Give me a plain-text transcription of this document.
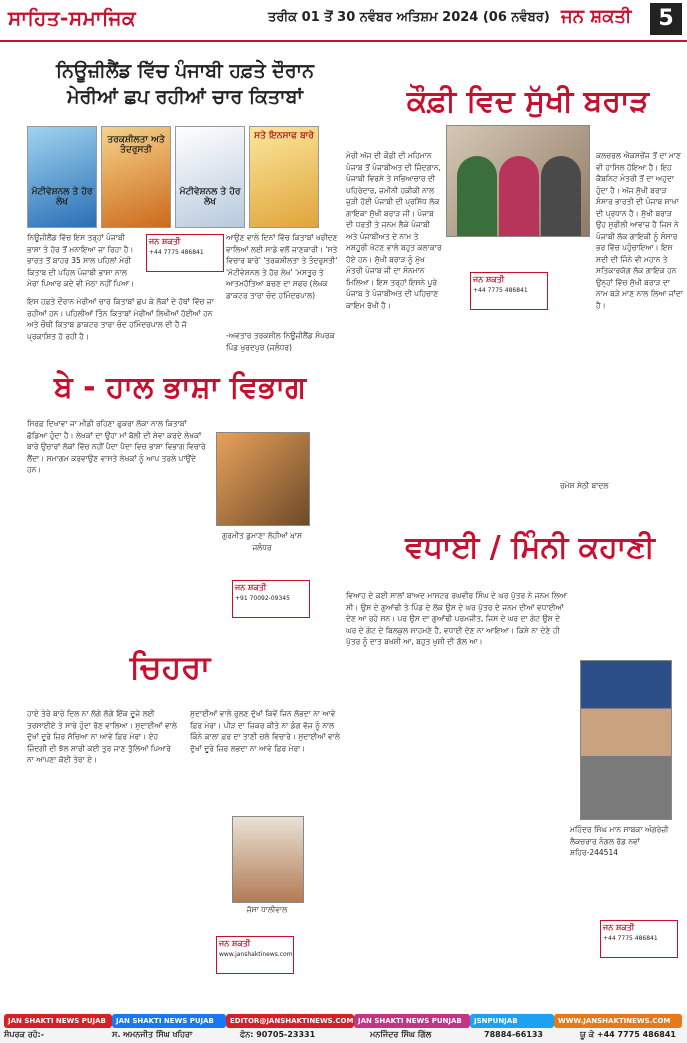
ਸਾਹਿਤ-ਸਮਾਜਿਕ	ਤਰੀਕ 01 ਤੋਂ 30 ਨਵੰਬਰ ਅਤਿਸ਼ਮ 2024 (06 ਨਵੰਬਰ) ਜਨ ਸ਼ਕਤੀ	5
ਨਿਊਜ਼ੀਲੈਂਡ ਵਿੱਚ ਪੰਜਾਬੀ ਹਫ਼ਤੇ ਦੌਰਾਨ ਮੇਰੀਆਂ ਛਪ ਰਹੀਆਂ ਚਾਰ ਕਿਤਾਬਾਂ
ਮੋਟੀਵੇਸ਼ਨਲ ਤੇ ਹੋਰ ਲੇਖ
ਤਰਕਸ਼ੀਲਤਾ ਅਤੇ ਤੰਦਰੁਸਤੀ
ਮੋਟੀਵੇਸ਼ਨਲ ਤੇ ਹੋਰ ਲੇਖ
ਸਤੇ ਇਨਸਾਫ ਬਾਰੇ
ਨਿਊਜ਼ੀਲੈਂਡ ਵਿੱਚ ਇਸ ਤਰ੍ਹਾਂ ਪੰਜਾਬੀ ਭਾਸ਼ਾ ਤੇ ਹੋਰ ਤੋਂ ਮਨਾਇਆ ਜਾ ਰਿਹਾ ਹੈ। ਭਾਰਤ ਤੋਂ ਬਾਹਰ 35 ਸਾਲ ਪਹਿਲਾਂ ਮੇਰੀ ਕਿਤਾਬ ਦੀ ਪਹਿਲ ਪੰਜਾਬੀ ਭਾਸ਼ਾ ਨਾਲ ਮੇਰਾ ਪਿਆਰ ਕਦੇ ਵੀ ਮੱਠਾ ਨਹੀਂ ਪਿਆ।
ਜਨ ਸ਼ਕਤੀ
+44 7775 486841
ਆਉਣ ਵਾਲੇ ਦਿਨਾਂ ਵਿੱਚ ਕਿਤਾਬਾਂ ਖਰੀਦਣ ਵਾਲਿਆਂ ਲਈ ਸਾਡੇ ਵਲੋਂ ਜਾਣਕਾਰੀ। 'ਸਤੇ ਵਿਚਾਰ ਬਾਰੇ' 'ਤਰਕਸ਼ੀਲਤਾ ਤੇ ਤੰਦਰੁਸਤੀ' 'ਮੋਟੀਵੇਸ਼ਨਲ ਤੇ ਹੋਰ ਲੇਖ' 'ਮਸਤੂਰ ਤੇ ਆਤਮਹੱਤਿਆ ਬਚਣ ਦਾ ਸਫਰ (ਲੇਖਕ ਡਾਕਟਰ ਤਾਰਾ ਚੰਦ ਹਮਿੰਦਰਪਾਲ)
ਇਸ ਹਫ਼ਤੇ ਦੌਰਾਨ ਮੇਰੀਆਂ ਚਾਰ ਕਿਤਾਬਾਂ ਛਪ ਕੇ ਲੋਕਾਂ ਦੇ ਹੱਥਾਂ ਵਿੱਚ ਜਾ ਰਹੀਆਂ ਹਨ। ਪਹਿਲੀਆਂ ਤਿੰਨ ਕਿਤਾਬਾਂ ਮੇਰੀਆਂ ਲਿਖੀਆਂ ਹੋਈਆਂ ਹਨ ਅਤੇ ਚੌਥੀ ਕਿਤਾਬ ਡਾਕਟਰ ਤਾਰਾ ਚੰਦ ਹਮਿੰਦਰਪਾਲ ਦੀ ਹੈ ਜੋ ਪ੍ਰਕਾਸ਼ਿਤ ਹੋ ਰਹੀ ਹੈ।	-ਅਵਤਾਰ ਤਰਕਸ਼ੀਲ ਨਿਊਜ਼ੀਲੈਂਡ ਸੰਪਰਕ ਪਿੰਡ ਖੁਰਦਪੁਰ (ਜਲੰਧਰ)
ਕੌਫ਼ੀ ਵਿਦ ਸੁੱਖੀ ਬਰਾੜ
ਮੇਰੀ ਅੱਜ ਦੀ ਕੌਫ਼ੀ ਦੀ ਮਹਿਮਾਨ ਪੰਜਾਬ ਤੋਂ ਪੰਜਾਬੀਅਤ ਦੀ ਜ਼ਿੰਦਗਾਨ, ਪੰਜਾਬੀ ਵਿਰਸੇ ਤੇ ਸਭਿਆਚਾਰ ਦੀ ਪਹਿਰੇਦਾਰ, ਜ਼ਮੀਨੀ ਹਕੀਕੀ ਨਾਲ ਜੁੜੀ ਹੋਈ ਪੰਜਾਬੀ ਦੀ ਪ੍ਰਸਿੱਧ ਲੋਕ ਗਾਇਕਾ ਸੁੱਖੀ ਬਰਾੜ ਜੀ। ਪੰਜਾਬ ਦੀ ਧਰਤੀ ਤੇ ਜਨਮ ਲੈਕੇ ਪੰਜਾਬੀ ਅਤੇ ਪੰਜਾਬੀਅਤ ਦੇ ਨਾਮ ਤੇ ਮਸ਼ਹੂਰੀ ਖੱਟਣ ਵਾਲੇ ਬਹੁਤ ਕਲਾਕਾਰ ਹੋਏ ਹਨ। ਸੁੱਖੀ ਬਰਾੜ ਨੂੰ ਮੁੱਖ ਮੰਤਰੀ ਪੰਜਾਬ ਜੀ ਦਾ ਸੰਨਮਾਨ ਮਿਲਿਆ। ਇਸ ਤਰ੍ਹਾਂ ਇਸਨੇ ਪੂਰੇ ਪੰਜਾਬ ਤੇ ਪੰਜਾਬੀਅਤ ਦੀ ਪਹਿਚਾਣ ਕਾਇਮ ਰੱਖੀ ਹੈ।
ਕਲਚਰਲ ਐਕਸਚੇਂਜ ਤੋਂ ਦਾ ਮਾਣ ਵੀ ਹਾਸਿਲ ਹੋਇਆ ਹੈ। ਇਹ ਕੈਬਨਿਟ ਮੰਤਰੀ ਤੋਂ ਦਾ ਅਹੁਦਾ ਹੁੰਦਾ ਹੈ। ਅੱਜ ਸੁੱਖੀ ਬਰਾੜ ਸੰਸਾਰ ਭਾਰਤੀ ਦੀ ਪੰਜਾਬ ਸ਼ਾਖਾ ਦੀ ਪ੍ਰਧਾਨ ਹੈ। ਸੁੱਖੀ ਬਰਾੜ ਉਹ ਸੁਰੀਲੀ ਆਵਾਜ਼ ਹੈ ਜਿਸ ਨੇ ਪੰਜਾਬੀ ਲੋਕ ਗਾਇਕੀ ਨੂੰ ਸੰਸਾਰ ਭਰ ਵਿੱਚ ਪਹੁੰਚਾਇਆ। ਇਸ ਸਦੀ ਦੀ ਜਿੰਨੇ ਵੀ ਮਹਾਨ ਤੇ ਸਤਿਕਾਰਯੋਗ ਲੋਕ ਗਾਇਕ ਹਨ ਉਨ੍ਹਾਂ ਵਿੱਚ ਸੁੱਖੀ ਬਰਾੜ ਦਾ ਨਾਮ ਬੜੇ ਮਾਣ ਨਾਲ ਲਿਆ ਜਾਂਦਾ ਹੈ।
ਜਨ ਸ਼ਕਤੀ
+44 7775 486841
ਰਮੇਸ਼ ਸੇਠੀ ਬਾਦਲ
ਬੇ - ਹਾਲ ਭਾਸ਼ਾ ਵਿਭਾਗ
ਸਿਰਫ਼ ਦਿਖਾਵਾ ਜਾ ਮੀਡੀ ਰਹਿਣਾ ਫੁਕਰਾ ਲੋਕਾ ਨਾਲ ਕਿਤਾਬਾਂ ਛੱਡਿਆ ਹੁੰਦਾ ਹੈ। ਲੇਖਕਾਂ ਦਾ ਉਹਾ ਮਾਂ ਬੋਲੀ ਦੀ ਸੇਵਾ ਕਰਦੇ ਲੇਖਕਾਂ ਬਾਰੇ ਉਚਾਰਾਂ ਲੋਕਾਂ ਵਿੱਚ ਨਹੀਂ ਪੈਦਾ ਪੈਦਾ ਵਿਚ ਭਾਸ਼ਾ ਵਿਭਾਗ ਵਿਚਾਰੇ ਲੈਂਦਾ। ਸਮਾਗਮ ਕਰਵਾਉਣ ਵਾਸਤੇ ਲੇਖਕਾਂ ਨੂੰ ਆਪ ਤਰਲੇ ਪਾਉਂਦੇ ਹਨ।
ਗੁਰਮੀਤ ਡੁਮਾਣਾ ਲੋਹੀਆਂ ਖ਼ਾਸ ਜਲੰਧਰ
ਜਨ ਸ਼ਕਤੀ
+91 70092-09345
ਵਧਾਈ / ਮਿੰਨੀ ਕਹਾਣੀ
ਵਿਆਹ ਦੇ ਕਈ ਸਾਲਾਂ ਬਾਅਦ ਮਾਸਟਰ ਰਘਵੀਰ ਸਿੰਘ ਦੇ ਘਰ ਪੁੱਤਰ ਨੇ ਜਨਮ ਲਿਆ ਸੀ। ਉਸ ਦੇ ਗੁਆਂਢੀ ਤੇ ਪਿੰਡ ਦੇ ਲੋਕ ਉਸ ਦੇ ਘਰ ਪੁੱਤਰ ਦੇ ਜਨਮ ਦੀਆਂ ਵਧਾਈਆਂ ਦੇਣ ਆ ਰਹੇ ਸਨ। ਪਰ ਉਸ ਦਾ ਗੁਆਂਢੀ ਪਰਮਜੀਤ, ਜਿਸ ਦੇ ਘਰ ਦਾ ਗੇਟ ਉਸ ਦੇ ਘਰ ਦੇ ਗੇਟ ਦੇ ਬਿਲਕੁਲ ਸਾਹਮਣੇ ਹੈ, ਵਧਾਈ ਦੇਣ ਨਾ ਆਇਆ। ਕਿਸੇ ਨਾ ਦੇਣੇ ਹੀ ਪੁੱਤਰ ਨੂੰ ਦਾਤ ਬਖਸ਼ੀ ਆ, ਬਹੁਤ ਖੁਸ਼ੀ ਦੀ ਗੱਲ ਆ।
ਮਹਿੰਦਰ ਸਿੰਘ ਮਾਨ ਸਾਬਕਾ ਅੰਗਰੇਜ਼ੀ ਲੈਕਚਰਾਰ ਨੰਗਲ ਰੋਡ ਨਵਾਂ ਸ਼ਹਿਰ-244514
ਜਨ ਸ਼ਕਤੀ
+44 7775 486841
ਚਿਹਰਾ
ਹਾਏ ਤੇਰੇ ਬਾਰੇ ਦਿਲ ਨਾ ਲੱਗੇ ਲੱਗੇ ਇੱਕ ਦੂਜੇ ਲਈ ਤਰਸਾਈਏ ਤੇ ਸਾਰੇ ਹੁੰਦਾ ਰੋਣ ਵਾਲਿਆ। ਸੁਦਾਈਆਂ ਵਾਲੇ ਦੁੱਖਾਂ ਦੂਰੇ ਜ਼ਿਰ ਸੱਚਿਆ ਨਾ ਆਵੇ ਫ਼ਿਰ ਮੇਰਾ। ਏਹ ਜ਼ਿੰਦਗੀ ਦੀ ਝੱਲ ਸਾਰੀ ਕਈ ਤੁਰ ਜਾਣ ਤੁੱਲਿਆਂ ਪਿਆਰੇ ਨਾ ਆਪਣਾ ਕੋਈ ਤੇਰਾ ਏ।
ਸੁਦਾਈਆਂ ਵਾਲੇ ਰੁਲਣ ਦੁੱਖਾਂ ਕਿਵੇਂ ਜਿਨ ਲੱਭਦਾ ਨਾ ਆਵੇ ਫ਼ਿਰ ਮੇਰਾ। ਪੀੜ ਦਾ ਜ਼ਿਕਰ ਕੀਤੇ ਨਾ ਡੰਗ ਵੱਜ ਨੂੰ ਨਾਲ ਕਿੰਨੇ ਕਾਲਾ ਫ਼ਰ ਦਾ ਤਾਣੀ ਚਲੇ ਵਿਚਾਰੇ। ਸੁਦਾਈਆਂ ਵਾਲੇ ਦੁੱਖਾਂ ਦੂਰੇ ਜ਼ਿਰ ਲਭਦਾ ਨਾ ਆਵੇ ਫ਼ਿਰ ਮੇਰਾ।
ਜੱਸਾ ਧਾਲੀਵਾਲ
ਜਨ ਸ਼ਕਤੀ
www.janshaktinews.com
JAN SHAKTI NEWS PUJAB	JAN SHAKTI NEWS PUJAB	EDITOR@JANSHAKTINEWS.COM JAN SHAKTI NEWS PUNJAB	JSNPUNJAB	WWW.JANSHAKTINEWS.COM
ਸੰਪਰਕ ਰਹੋ:-	ਸ. ਅਮਨਜੀਤ ਸਿੰਘ ਖਹਿਰਾ	ਫੋਨ: 90705-23331	ਮਨਜਿੰਦਰ ਸਿੰਘ ਗਿੱਲ	78884-66133	ਯੂ ਕੇ +44 7775 486841
